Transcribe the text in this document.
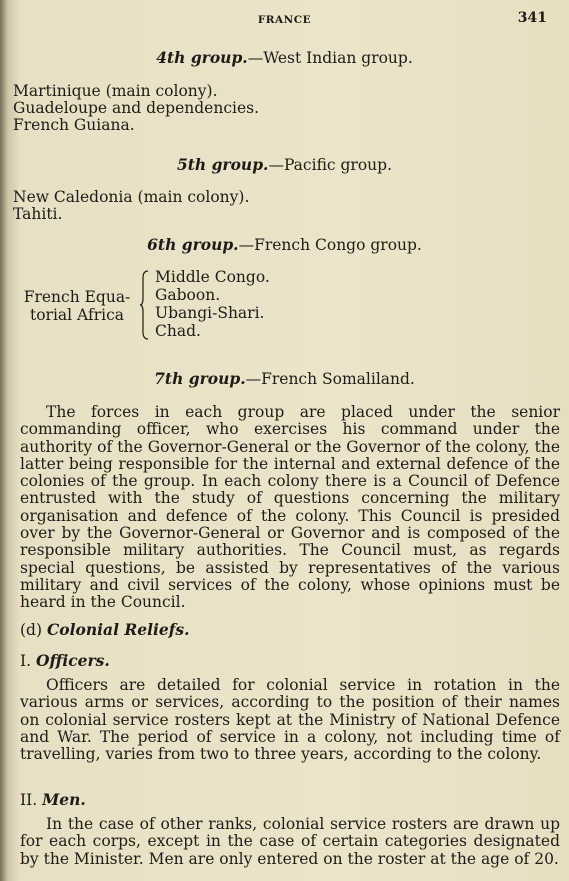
FRANCE	341
4th group.—West Indian group.
Martinique (main colony).
Guadeloupe and dependencies.
French Guiana.
5th group.—Pacific group.
New Caledonia (main colony).
Tahiti.
6th group.—French Congo group.
French Equa-
torial Africa
Middle Congo.
Gaboon.
Ubangi-Shari.
Chad.
7th group.—French Somaliland.

The forces in each group are placed under the senior commanding officer, who exercises his command under the authority of the Governor-General or the Governor of the colony, the latter being responsible for the internal and external defence of the colonies of the group. In each colony there is a Council of Defence entrusted with the study of questions concerning the military organisation and defence of the colony. This Council is presided over by the Governor-General or Governor and is composed of the responsible military authorities. The Council must, as regards special questions, be assisted by representatives of the various military and civil services of the colony, whose opinions must be heard in the Council.

(d) Colonial Reliefs.
I. Officers.

Officers are detailed for colonial service in rotation in the various arms or services, according to the position of their names on colonial service rosters kept at the Ministry of National Defence and War. The period of service in a colony, not including time of travelling, varies from two to three years, according to the colony.

II. Men.

In the case of other ranks, colonial service rosters are drawn up for each corps, except in the case of certain categories designated by the Minister. Men are only entered on the roster at the age of 20.
